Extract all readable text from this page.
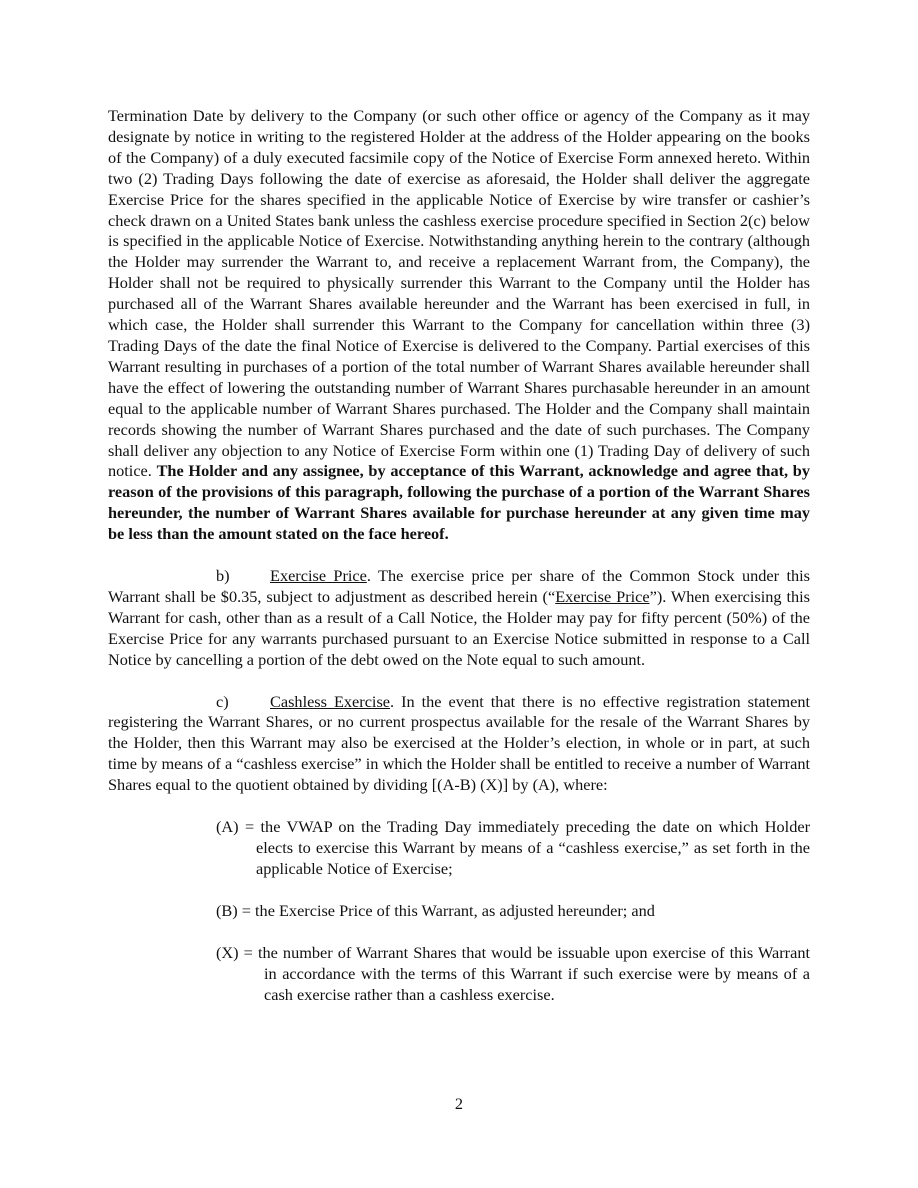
Termination Date by delivery to the Company (or such other office or agency of the Company as it may designate by notice in writing to the registered Holder at the address of the Holder appearing on the books of the Company) of a duly executed facsimile copy of the Notice of Exercise Form annexed hereto. Within two (2) Trading Days following the date of exercise as aforesaid, the Holder shall deliver the aggregate Exercise Price for the shares specified in the applicable Notice of Exercise by wire transfer or cashier’s check drawn on a United States bank unless the cashless exercise procedure specified in Section 2(c) below is specified in the applicable Notice of Exercise. Notwithstanding anything herein to the contrary (although the Holder may surrender the Warrant to, and receive a replacement Warrant from, the Company), the Holder shall not be required to physically surrender this Warrant to the Company until the Holder has purchased all of the Warrant Shares available hereunder and the Warrant has been exercised in full, in which case, the Holder shall surrender this Warrant to the Company for cancellation within three (3) Trading Days of the date the final Notice of Exercise is delivered to the Company. Partial exercises of this Warrant resulting in purchases of a portion of the total number of Warrant Shares available hereunder shall have the effect of lowering the outstanding number of Warrant Shares purchasable hereunder in an amount equal to the applicable number of Warrant Shares purchased. The Holder and the Company shall maintain records showing the number of Warrant Shares purchased and the date of such purchases. The Company shall deliver any objection to any Notice of Exercise Form within one (1) Trading Day of delivery of such notice. The Holder and any assignee, by acceptance of this Warrant, acknowledge and agree that, by reason of the provisions of this paragraph, following the purchase of a portion of the Warrant Shares hereunder, the number of Warrant Shares available for purchase hereunder at any given time may be less than the amount stated on the face hereof.

b) Exercise Price. The exercise price per share of the Common Stock under this Warrant shall be $0.35, subject to adjustment as described herein (“Exercise Price”). When exercising this Warrant for cash, other than as a result of a Call Notice, the Holder may pay for fifty percent (50%) of the Exercise Price for any warrants purchased pursuant to an Exercise Notice submitted in response to a Call Notice by cancelling a portion of the debt owed on the Note equal to such amount.

c)	Cashless Exercise. In the event that there is no effective registration statement registering the Warrant Shares, or no current prospectus available for the resale of the Warrant Shares by the Holder, then this Warrant may also be exercised at the Holder’s election, in whole or in part, at such time by means of a “cashless exercise” in which the Holder shall be entitled to receive a number of Warrant Shares equal to the quotient obtained by dividing [(A-B) (X)] by (A), where:

(A) = the VWAP on the Trading Day immediately preceding the date on which Holder elects to exercise this Warrant by means of a “cashless exercise,” as set forth in the applicable Notice of Exercise;

(B) = the Exercise Price of this Warrant, as adjusted hereunder; and

(X) = the number of Warrant Shares that would be issuable upon exercise of this Warrant in accordance with the terms of this Warrant if such exercise were by means of a cash exercise rather than a cashless exercise.

2
